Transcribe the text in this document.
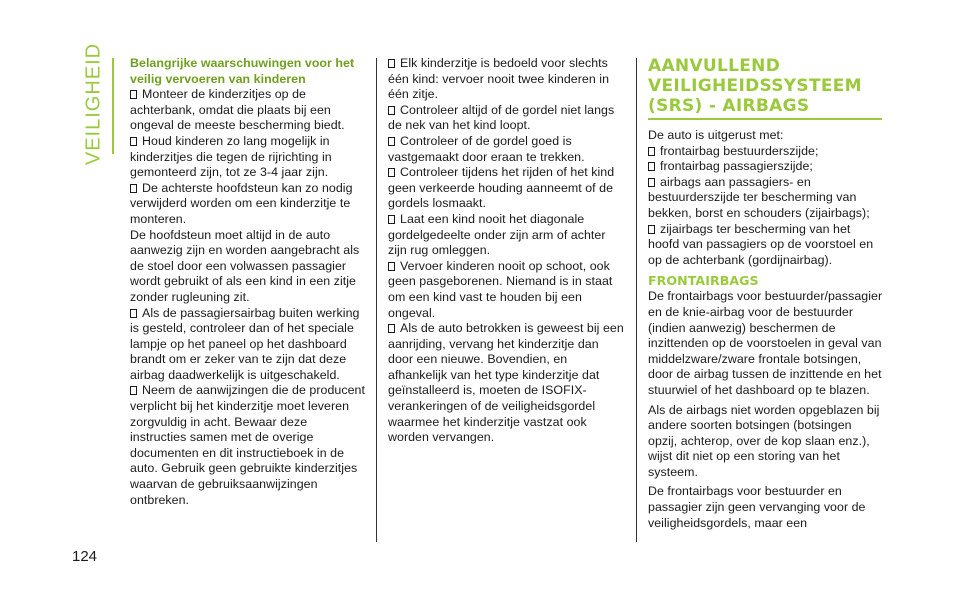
VEILIGHEID
124
Belangrijke waarschuwingen voor het veilig vervoeren van kinderen
Monteer de kinderzitjes op de achterbank, omdat die plaats bij een ongeval de meeste bescherming biedt.
Houd kinderen zo lang mogelijk in kinderzitjes die tegen de rijrichting in gemonteerd zijn, tot ze 3-4 jaar zijn.
De achterste hoofdsteun kan zo nodig verwijderd worden om een kinderzitje te monteren.
De hoofdsteun moet altijd in de auto aanwezig zijn en worden aangebracht als de stoel door een volwassen passagier wordt gebruikt of als een kind in een zitje zonder rugleuning zit.
Als de passagiersairbag buiten werking is gesteld, controleer dan of het speciale lampje op het paneel op het dashboard brandt om er zeker van te zijn dat deze airbag daadwerkelijk is uitgeschakeld.
Neem de aanwijzingen die de producent verplicht bij het kinderzitje moet leveren zorgvuldig in acht. Bewaar deze instructies samen met de overige documenten en dit instructieboek in de auto. Gebruik geen gebruikte kinderzitjes waarvan de gebruiksaanwijzingen ontbreken.
Elk kinderzitje is bedoeld voor slechts één kind: vervoer nooit twee kinderen in één zitje.
Controleer altijd of de gordel niet langs de nek van het kind loopt.
Controleer of de gordel goed is vastgemaakt door eraan te trekken.
Controleer tijdens het rijden of het kind geen verkeerde houding aanneemt of de gordels losmaakt.
Laat een kind nooit het diagonale gordelgedeelte onder zijn arm of achter zijn rug omleggen.
Vervoer kinderen nooit op schoot, ook geen pasgeborenen. Niemand is in staat om een kind vast te houden bij een ongeval.
Als de auto betrokken is geweest bij een aanrijding, vervang het kinderzitje dan door een nieuwe. Bovendien, en afhankelijk van het type kinderzitje dat geïnstalleerd is, moeten de ISOFIX-verankeringen of de veiligheidsgordel waarmee het kinderzitje vastzat ook worden vervangen.
AANVULLEND
VEILIGHEIDSSYSTEEM
(SRS) - AIRBAGS
De auto is uitgerust met:
frontairbag bestuurderszijde;
frontairbag passagierszijde;
airbags aan passagiers- en bestuurderszijde ter bescherming van bekken, borst en schouders (zijairbags);
zijairbags ter bescherming van het hoofd van passagiers op de voorstoel en op de achterbank (gordijnairbag).
FRONTAIRBAGS
De frontairbags voor bestuurder/passagier en de knie-airbag voor de bestuurder (indien aanwezig) beschermen de inzittenden op de voorstoelen in geval van middelzware/zware frontale botsingen, door de airbag tussen de inzittende en het stuurwiel of het dashboard op te blazen.
Als de airbags niet worden opgeblazen bij andere soorten botsingen (botsingen opzij, achterop, over de kop slaan enz.), wijst dit niet op een storing van het systeem.
De frontairbags voor bestuurder en passagier zijn geen vervanging voor de veiligheidsgordels, maar een
